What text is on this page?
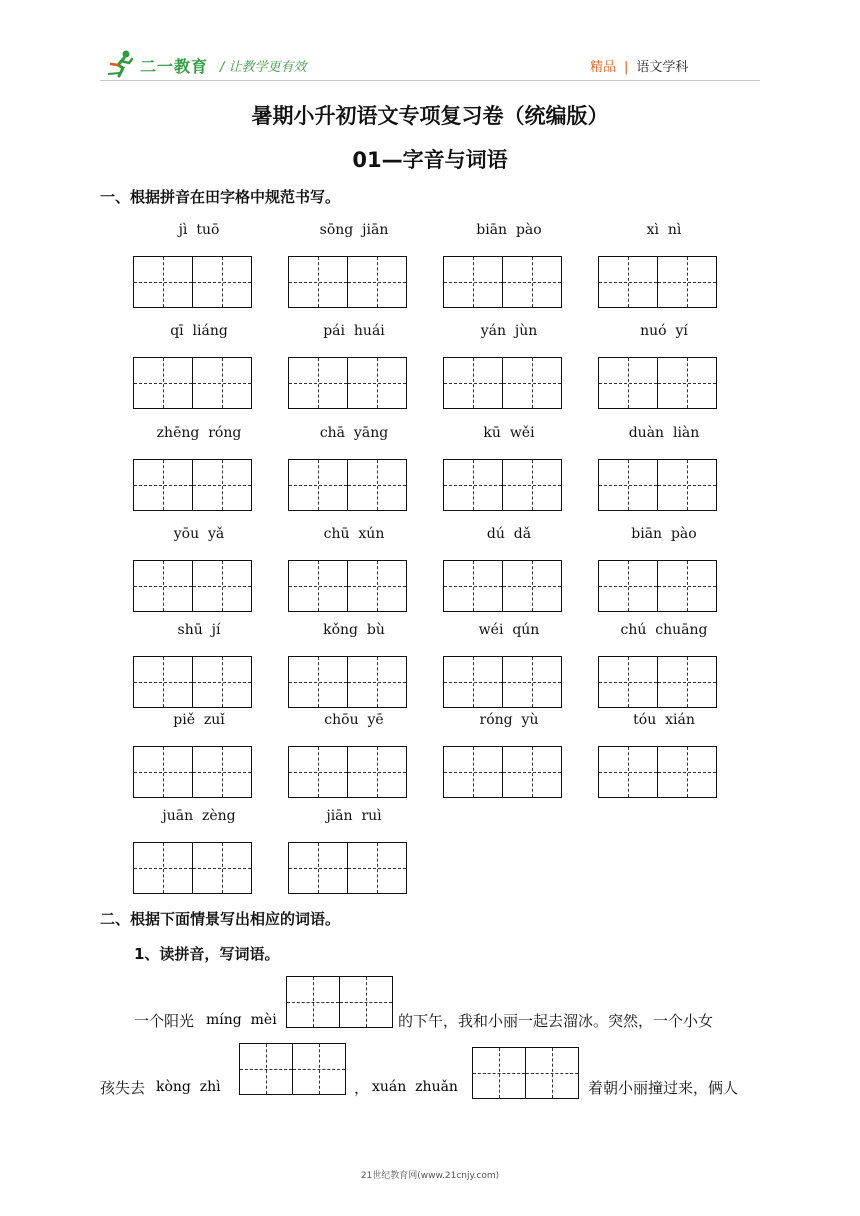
二一教育 / 让教学更有效	精品 | 语文学科
暑期小升初语文专项复习卷（统编版）
01—字音与词语
一、根据拼音在田字格中规范书写。
jì  tuō	sōng  jiān	biān  pào	xì  nì
qī  liáng	pái  huái	yán  jùn	nuó  yí
zhēng  róng	chā  yāng	kū  wěi	duàn  liàn
yōu  yǎ	chū  xún	dú  dǎ	biān  pào
shū  jí	kǒng  bù	wéi  qún	chú  chuāng
piě  zuǐ	chōu  yē	róng  yù	tóu  xián
juān  zèng	jiān  ruì
二、根据下面情景写出相应的词语。
1、读拼音，写词语。
一个阳光 míng  mèi	的下午，我和小丽一起去溜冰。突然，一个小女
孩失去 kòng  zhì	， xuán  zhuǎn	着朝小丽撞过来，俩人
21世纪教育网(www.21cnjy.com)
